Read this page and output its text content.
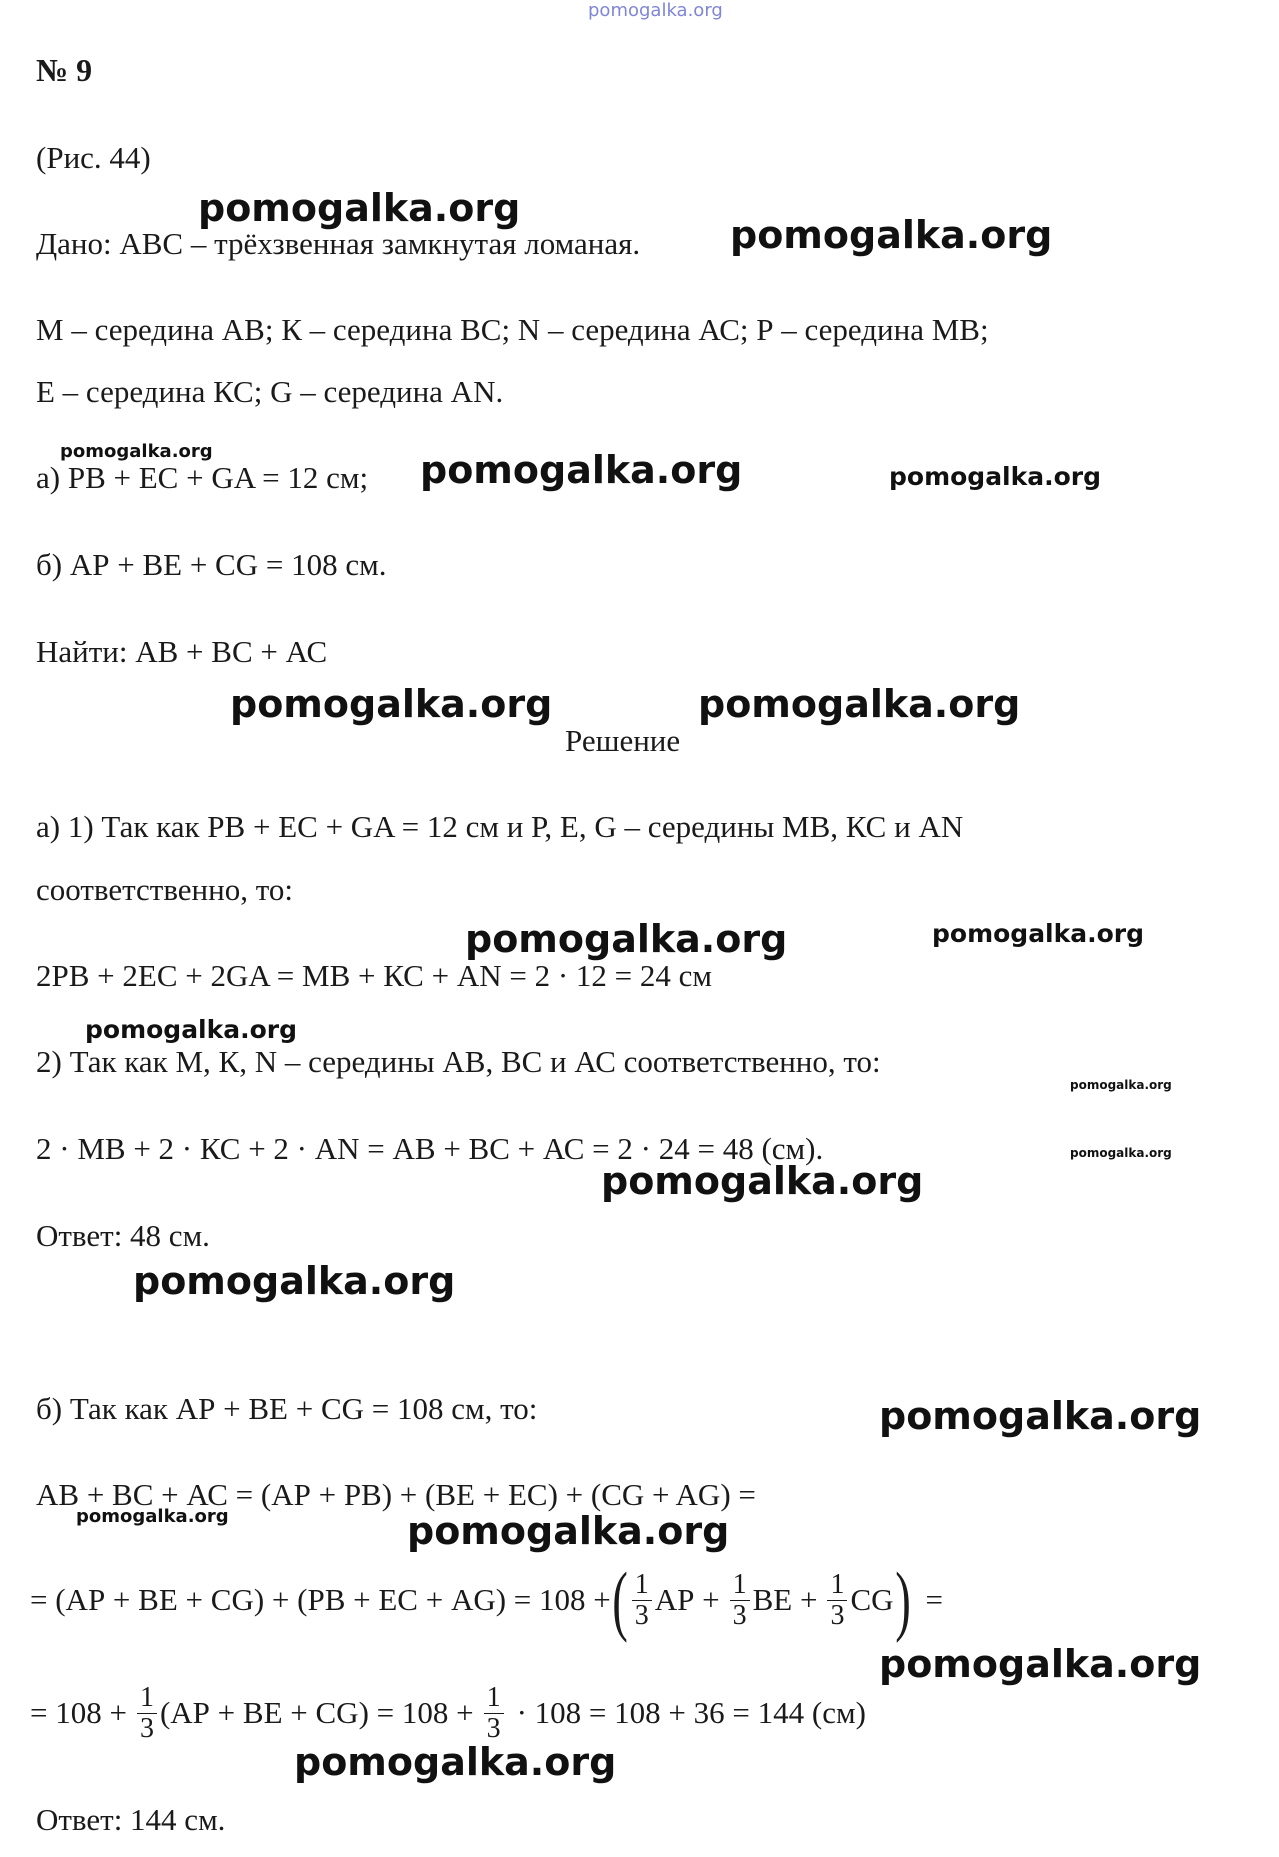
pomogalka.org
№ 9
(Рис. 44)
Дано: АВС – трёхзвенная замкнутая ломаная.
М – середина АВ; К – середина ВС; N – середина АС; Р – середина МВ;
Е – середина КС; G – середина АN.
а) РВ + ЕС + GA = 12 см;
б) АР + ВЕ + CG = 108 см.
Найти: АВ + ВС + АС
Решение
а) 1) Так как РВ + ЕС + GA = 12 см и Р, Е, G – середины МВ, КС и АN
соответственно, то:
2РВ + 2ЕС + 2GA = МВ + КС + АN = 2 · 12 = 24 см
2) Так как М, К, N – середины АВ, ВС и АС соответственно, то:
2 · МВ + 2 · КС + 2 · АN = АВ + ВС + АС = 2 · 24 = 48 (см).
Ответ: 48 см.
б) Так как АР + ВЕ + CG = 108 см, то:
АВ + ВС + АС = (АР + РВ) + (ВЕ + ЕС) + (CG + AG) =
= (АР + ВЕ + CG) + (РВ + ЕС + AG) = 108 + ( $\frac{1}{3}$ АР + $\frac{1}{3}$ ВЕ + $\frac{1}{3}$ CG ) =
= $108 + \frac{1}{3} (АР$ + ВЕ + $CG) = 108 + \frac{1}{3} \cdot 108 = 108 + 36 = 144$ (см)
Ответ: 144 см.
pomogalka.org
pomogalka.org
pomogalka.org	pomogalka.org	pomogalka.org
pomogalka.org	pomogalka.org
pomogalka.org	pomogalka.org
pomogalka.org
pomogalka.org
pomogalka.org
pomogalka.org
pomogalka.org
pomogalka.org
pomogalka.org	pomogalka.org
pomogalka.org
pomogalka.org
